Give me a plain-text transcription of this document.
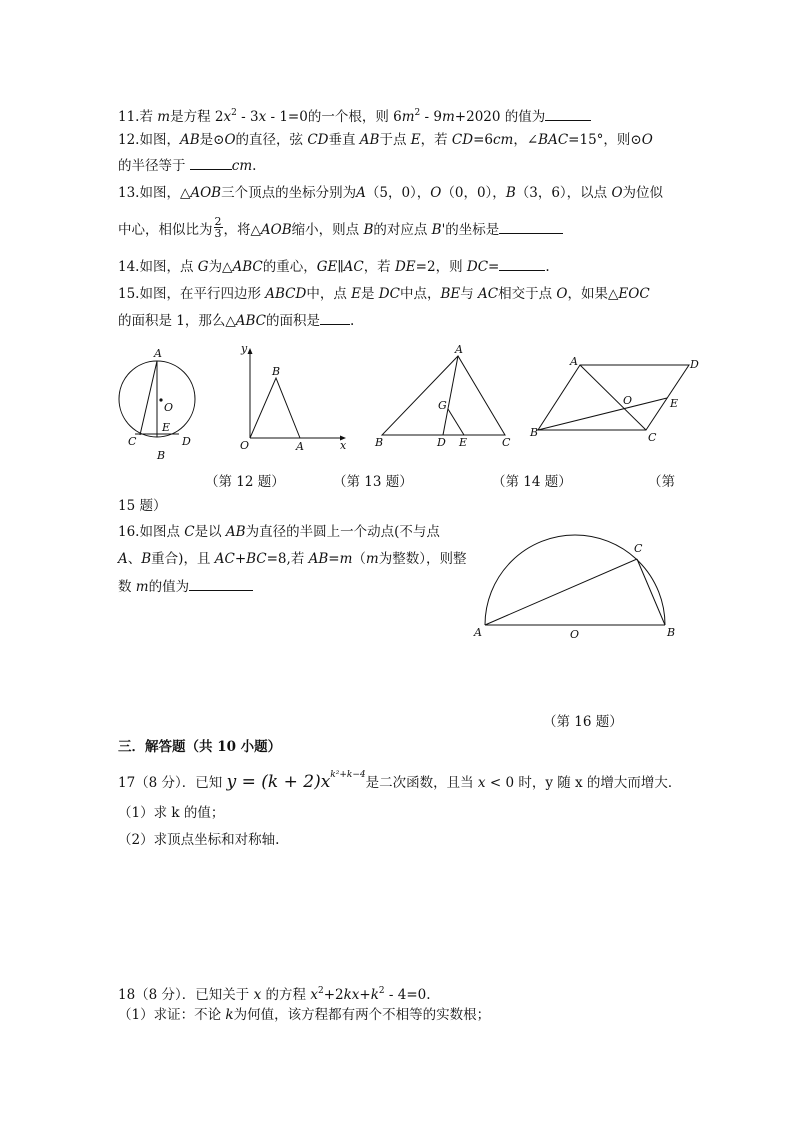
11.若 m是方程 $2x^2 - 3x - 1=0$的一个根，则 $6m^2 - 9m+2020$ 的值为
12.如图，AB是⊙O的直径，弦 CD垂直 AB于点 E，若 CD=6cm，∠BAC=15°，则⊙O
的半径等于	cm.
13.如图，△AOB三个顶点的坐标分别为A（5，0），O（0，0），B（3，6），以点 O为位似
中心，相似比为 $\frac{2}{3}$ ，将△AOB缩小，则点 B的对应点 B'的坐标是
14.如图，点 G为△ABC的重心，GE∥AC，若 DE=2，则 DC=	.
15.如图，在平行四边形 ABCD中，点 E是 DC中点，BE与 AC相交于点 O，如果△EOC
的面积是 1，那么△ABC的面积是 .
A
O
C
E
D
B
y
B
O	A	x
A
G
B	D E	C
A	D
O	E
B	C
（第 12 题）	（第 13 题）	（第 14 题）	（第
15 题）
16.如图点 C是以 AB为直径的半圆上一个动点(不与点
A、B重合)，且 AC+BC=8,若 AB=m（m为整数），则整
数 m的值为
C
A	O	B
（第 16 题）
三．解答题（共 10 小题）
17（8 分）．已知 $y = (k + 2)x^{k^2+k-4}$是二次函数，且当 x < 0 时，y 随 x 的增大而增大．
（1）求 k 的值；
（2）求顶点坐标和对称轴.
18（8 分）．已知关于 x 的方程 $x^2+2kx+k^2 - 4=0$.
（1）求证：不论 k为何值，该方程都有两个不相等的实数根；
